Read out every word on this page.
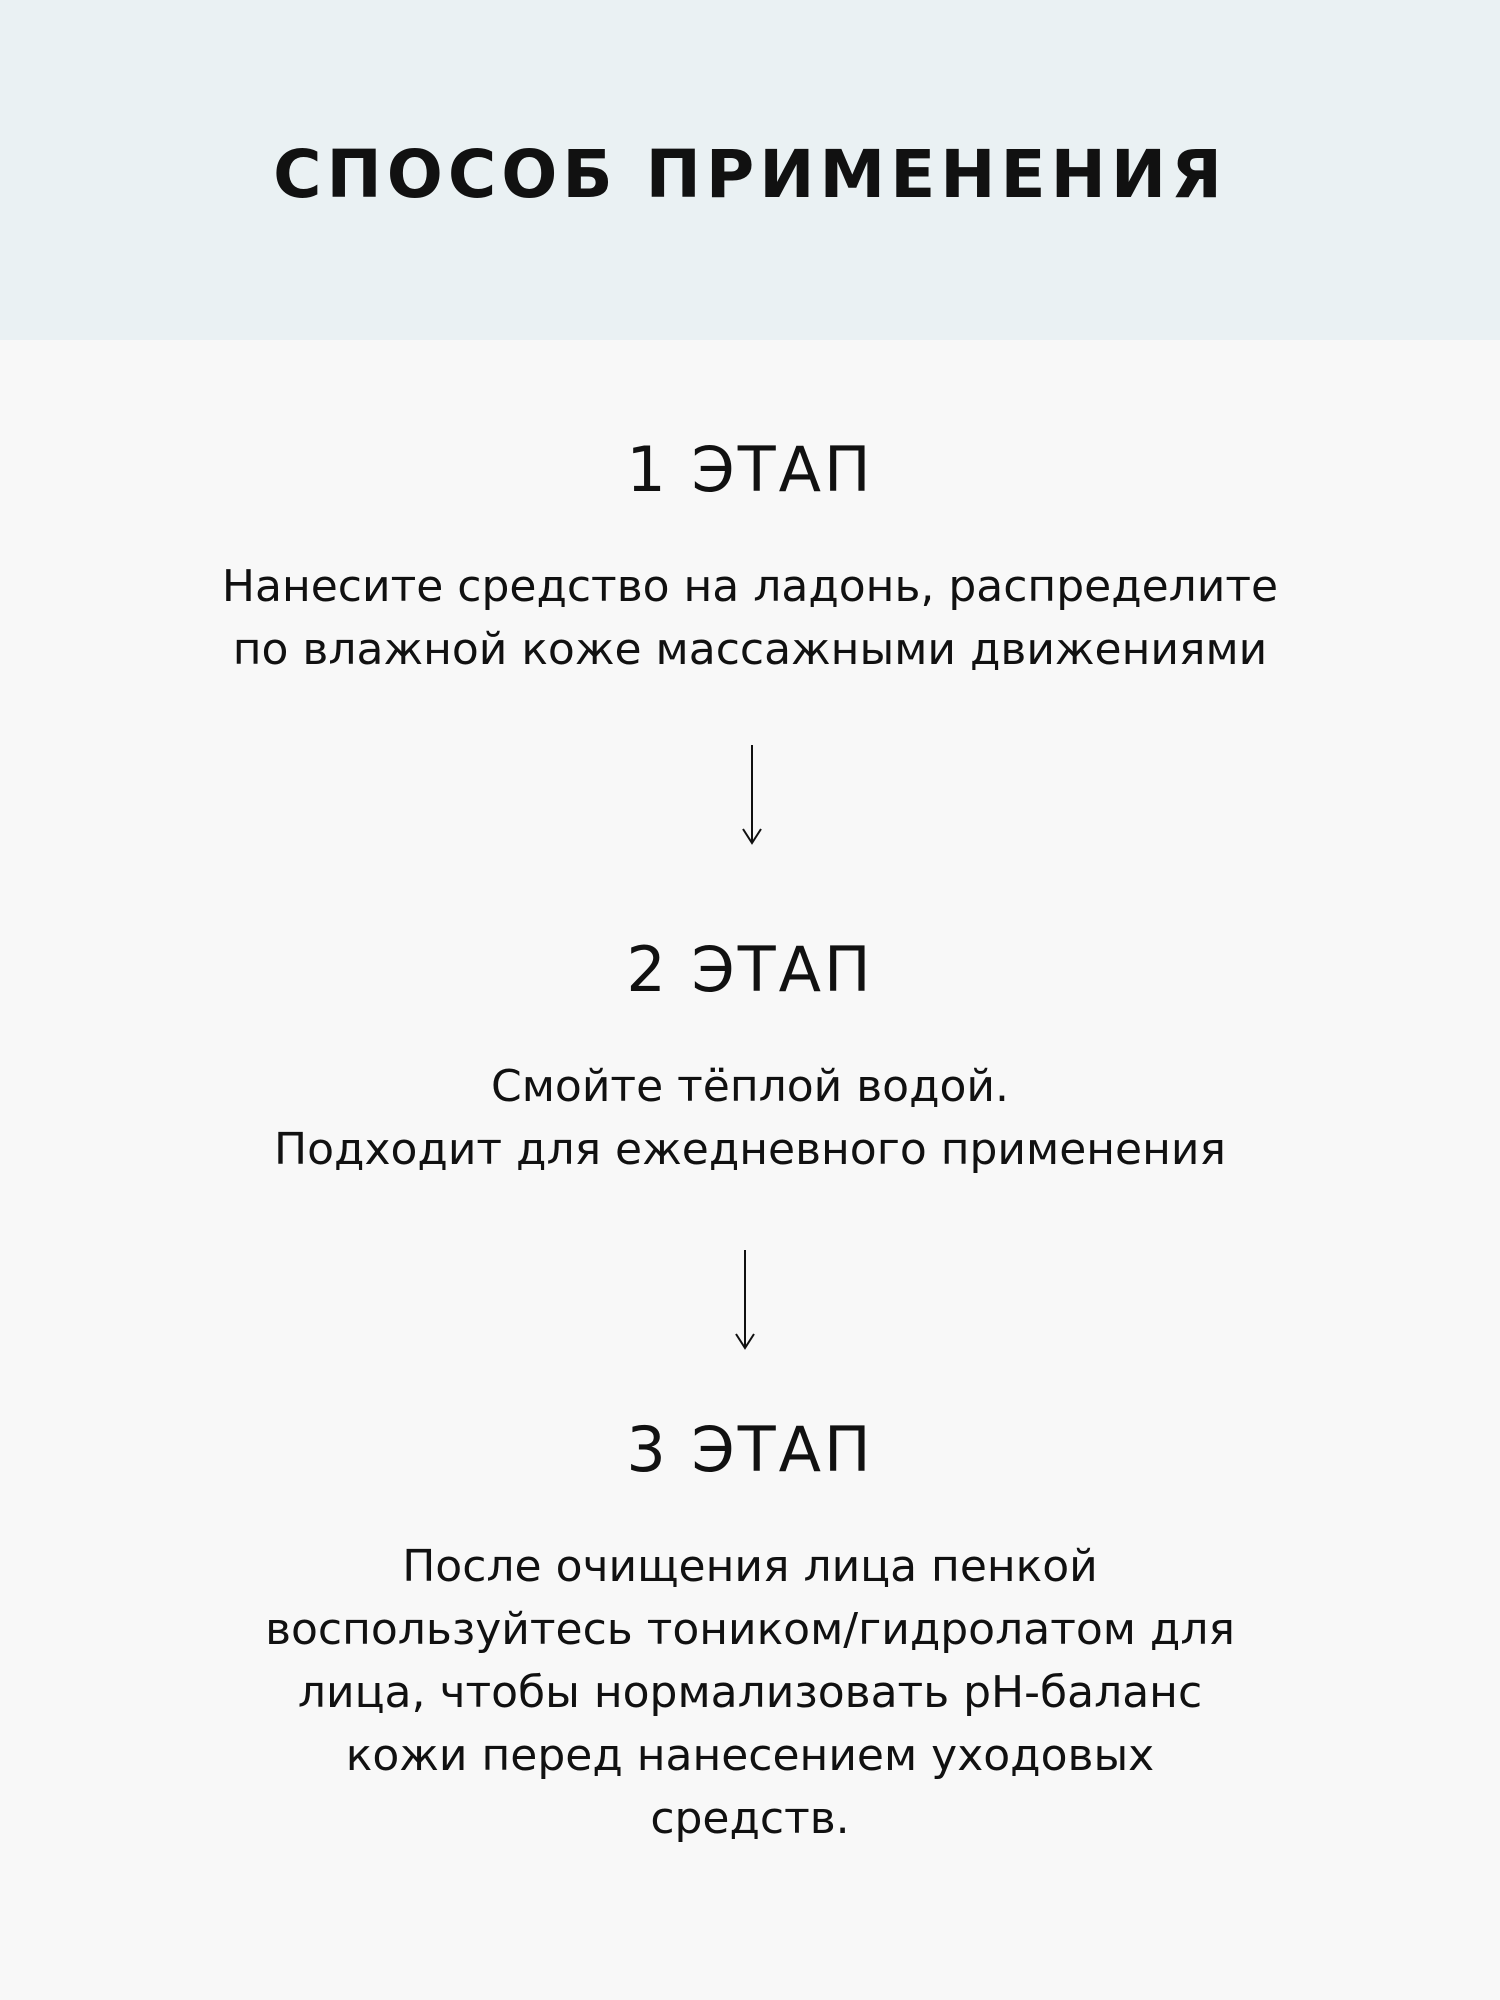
СПОСОБ ПРИМЕНЕНИЯ
1 ЭТАП

Нанесите средство на ладонь, распределите
по влажной коже массажными движениями

2 ЭТАП

Смойте тёплой водой.
Подходит для ежедневного применения

3 ЭТАП

После очищения лица пенкой
воспользуйтесь тоником/гидролатом для
лица, чтобы нормализовать pH-баланс
кожи перед нанесением уходовых
средств.
